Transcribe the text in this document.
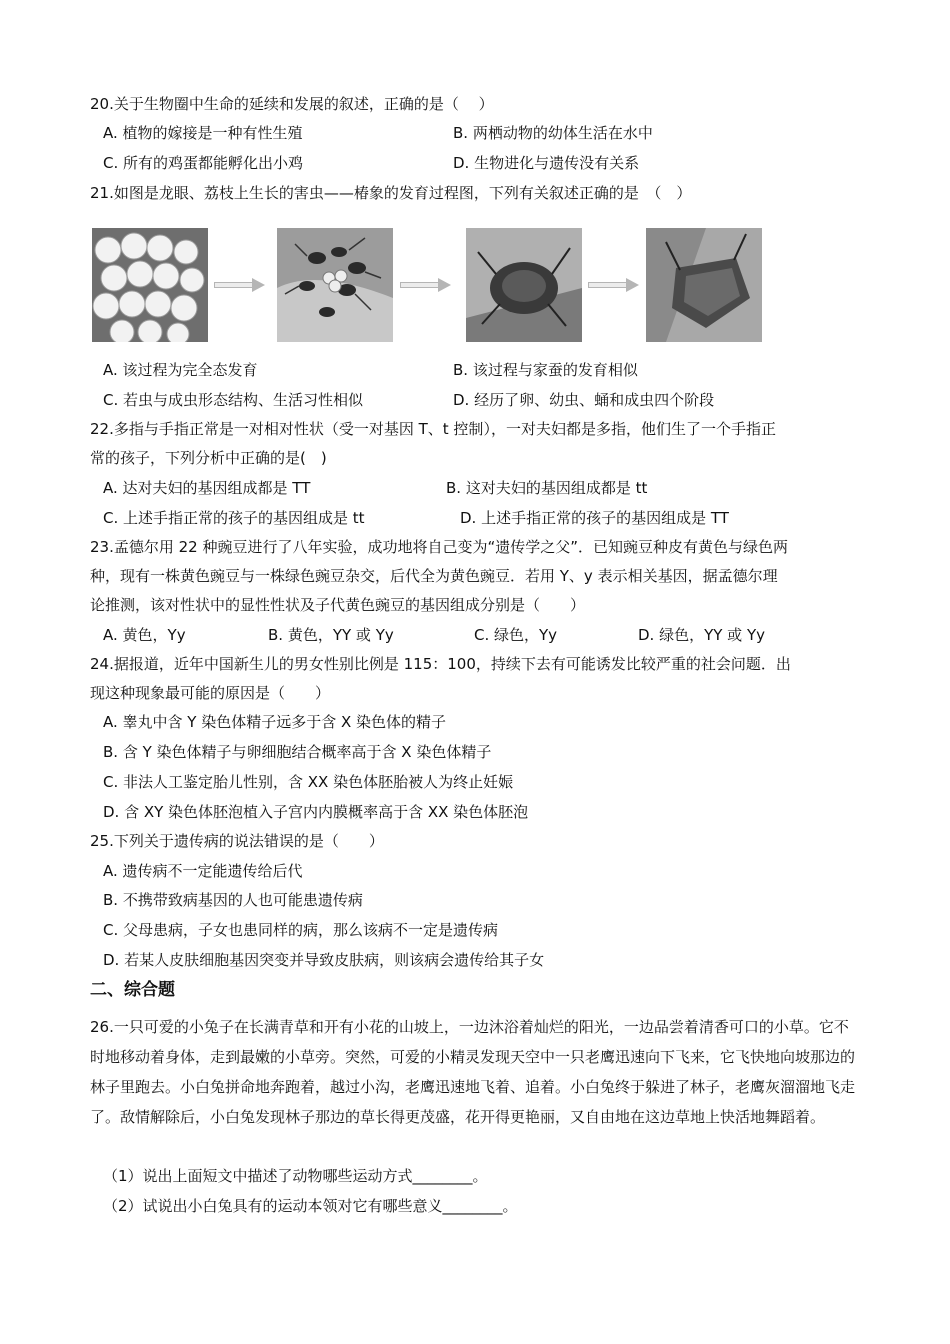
20.关于生物圈中生命的延续和发展的叙述，正确的是（　 ）
A. 植物的嫁接是一种有性生殖	B. 两栖动物的幼体生活在水中
C. 所有的鸡蛋都能孵化出小鸡	D. 生物进化与遗传没有关系
21.如图是龙眼、荔枝上生长的害虫——椿象的发育过程图，下列有关叙述正确的是　（　）
A. 该过程为完全态发育	B. 该过程与家蚕的发育相似
C. 若虫与成虫形态结构、生活习性相似	D. 经历了卵、幼虫、蛹和成虫四个阶段
22.多指与手指正常是一对相对性状（受一对基因 T、t 控制），一对夫妇都是多指，他们生了一个手指正
常的孩子，下列分析中正确的是(　)
A. 达对夫妇的基因组成都是 TT	B. 这对夫妇的基因组成都是 tt
C. 上述手指正常的孩子的基因组成是 tt	D. 上述手指正常的孩子的基因组成是 TT
23.孟德尔用 22 种豌豆进行了八年实验，成功地将自己变为“遗传学之父”．已知豌豆种皮有黄色与绿色两
种，现有一株黄色豌豆与一株绿色豌豆杂交，后代全为黄色豌豆．若用 Y、y 表示相关基因，据孟德尔理
论推测，该对性状中的显性性状及子代黄色豌豆的基因组成分别是（　　）
A. 黄色，Yy	B. 黄色，YY 或 Yy	C. 绿色，Yy	D. 绿色，YY 或 Yy
24.据报道，近年中国新生儿的男女性别比例是 115：100，持续下去有可能诱发比较严重的社会问题．出
现这种现象最可能的原因是（　　）
A. 睾丸中含 Y 染色体精子远多于含 X 染色体的精子
B. 含 Y 染色体精子与卵细胞结合概率高于含 X 染色体精子
C. 非法人工鉴定胎儿性别，含 XX 染色体胚胎被人为终止妊娠
D. 含 XY 染色体胚泡植入子宫内内膜概率高于含 XX 染色体胚泡
25.下列关于遗传病的说法错误的是（　　）
A. 遗传病不一定能遗传给后代
B. 不携带致病基因的人也可能患遗传病
C. 父母患病，子女也患同样的病，那么该病不一定是遗传病
D. 若某人皮肤细胞基因突变并导致皮肤病，则该病会遗传给其子女
二、综合题
26.一只可爱的小兔子在长满青草和开有小花的山坡上，一边沐浴着灿烂的阳光，一边品尝着清香可口的小草。它不时地移动着身体，走到最嫩的小草旁。突然，可爱的小精灵发现天空中一只老鹰迅速向下飞来，它飞快地向坡那边的林子里跑去。小白兔拼命地奔跑着，越过小沟，老鹰迅速地飞着、追着。小白兔终于躲进了林子，老鹰灰溜溜地飞走了。敌情解除后，小白兔发现林子那边的草长得更茂盛，花开得更艳丽，又自由地在这边草地上快活地舞蹈着。
（1）说出上面短文中描述了动物哪些运动方式________。
（2）试说出小白兔具有的运动本领对它有哪些意义________。
